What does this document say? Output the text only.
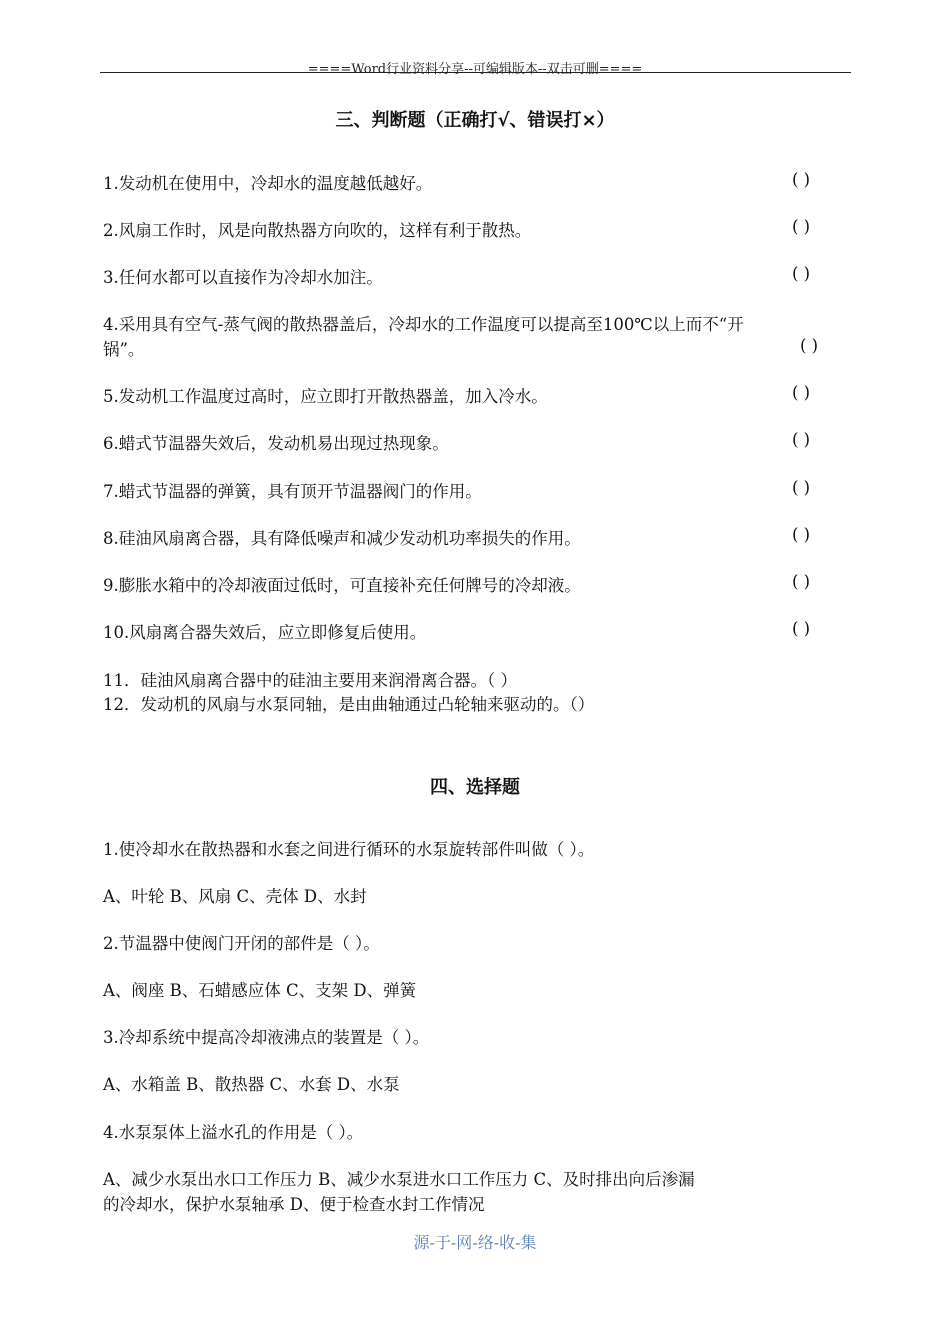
====Word行业资料分享--可编辑版本--双击可删====
三、判断题（正确打√、错误打×）
1.发动机在使用中，冷却水的温度越低越好。	( )
2.风扇工作时，风是向散热器方向吹的，这样有利于散热。	( )
3.任何水都可以直接作为冷却水加注。	( )
4.采用具有空气-蒸气阀的散热器盖后，冷却水的工作温度可以提高至100℃以上而不“开
锅”。	( )
5.发动机工作温度过高时，应立即打开散热器盖，加入冷水。	( )
6.蜡式节温器失效后，发动机易出现过热现象。	( )
7.蜡式节温器的弹簧，具有顶开节温器阀门的作用。	( )
8.硅油风扇离合器，具有降低噪声和减少发动机功率损失的作用。	( )
9.膨胀水箱中的冷却液面过低时，可直接补充任何牌号的冷却液。	( )
10.风扇离合器失效后，应立即修复后使用。	( )
11．硅油风扇离合器中的硅油主要用来润滑离合器。（ ）
12．发动机的风扇与水泵同轴，是由曲轴通过凸轮轴来驱动的。（）
四、选择题
1.使冷却水在散热器和水套之间进行循环的水泵旋转部件叫做（ ）。
A、叶轮 B、风扇 C、壳体 D、水封
2.节温器中使阀门开闭的部件是（ ）。
A、阀座 B、石蜡感应体 C、支架 D、弹簧
3.冷却系统中提高冷却液沸点的装置是（ ）。
A、水箱盖 B、散热器 C、水套 D、水泵
4.水泵泵体上溢水孔的作用是（ ）。
A、减少水泵出水口工作压力 B、减少水泵进水口工作压力 C、及时排出向后渗漏
的冷却水，保护水泵轴承 D、便于检查水封工作情况
源-于-网-络-收-集
